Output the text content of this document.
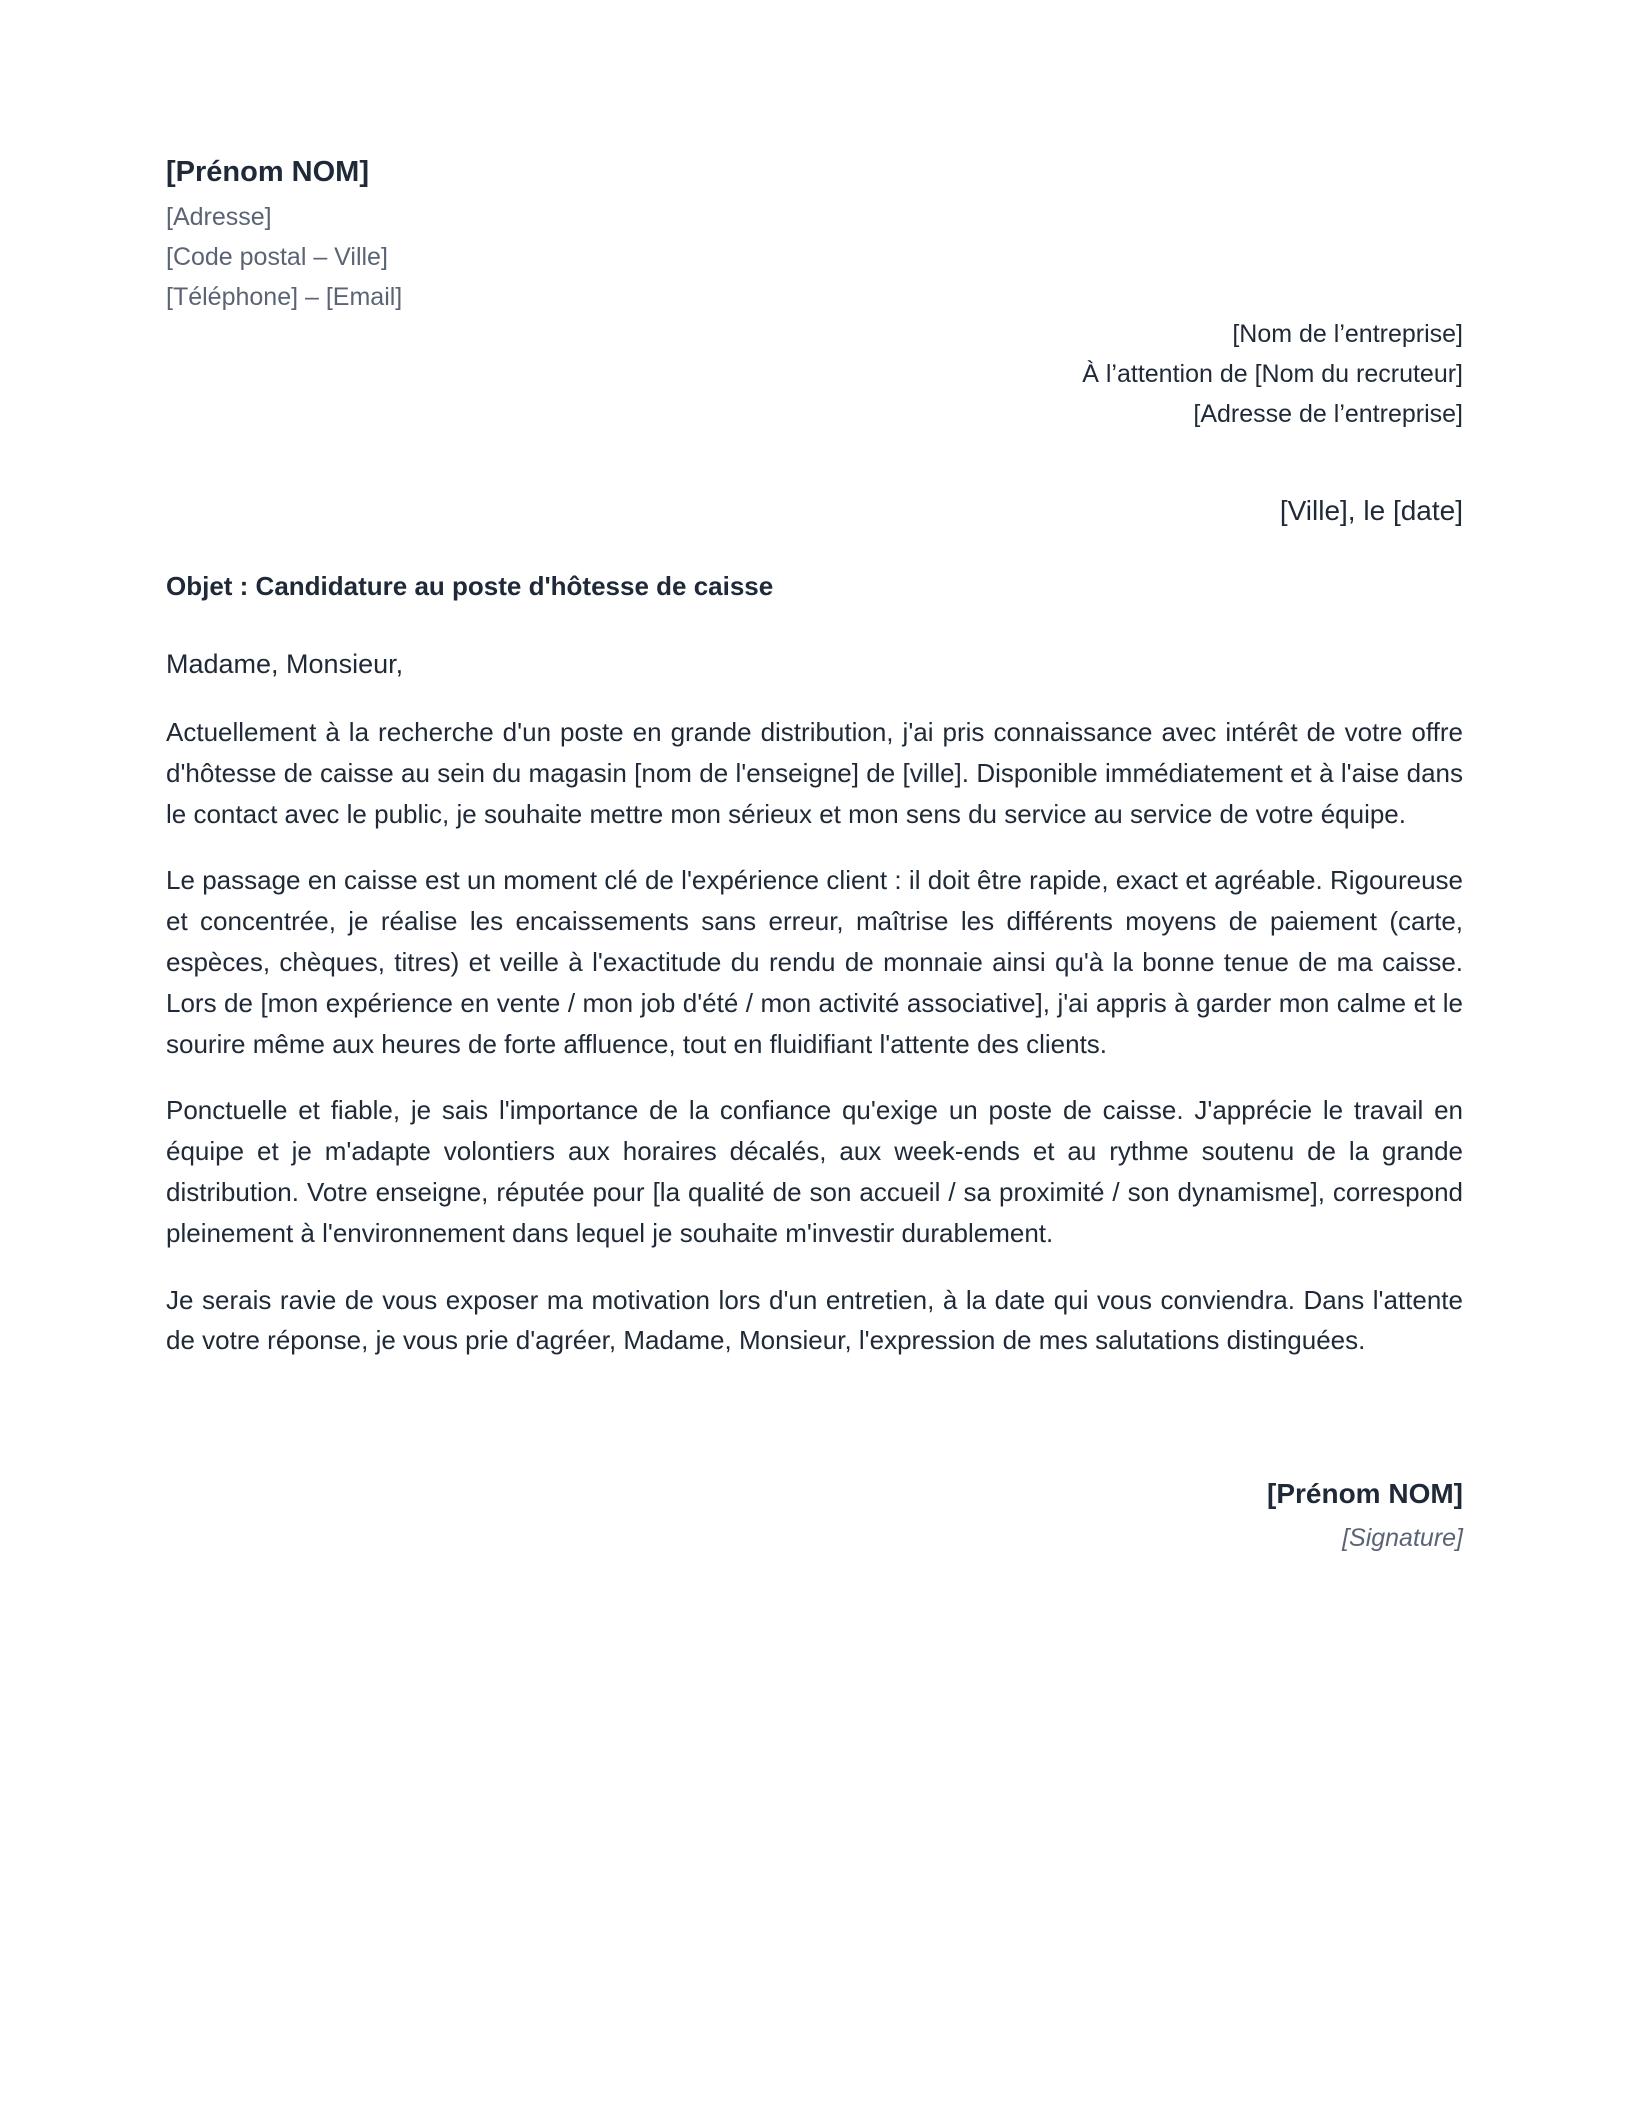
[Prénom NOM]
[Adresse]
[Code postal – Ville]
[Téléphone] – [Email]
[Nom de l’entreprise]
À l’attention de [Nom du recruteur]
[Adresse de l’entreprise]
[Ville], le [date]
Objet : Candidature au poste d'hôtesse de caisse
Madame, Monsieur,

Actuellement à la recherche d'un poste en grande distribution, j'ai pris connaissance avec intérêt de votre offre d'hôtesse de caisse au sein du magasin [nom de l'enseigne] de [ville]. Disponible immédiatement et à l'aise dans le contact avec le public, je souhaite mettre mon sérieux et mon sens du service au service de votre équipe.

Le passage en caisse est un moment clé de l'expérience client : il doit être rapide, exact et agréable. Rigoureuse et concentrée, je réalise les encaissements sans erreur, maîtrise les différents moyens de paiement (carte, espèces, chèques, titres) et veille à l'exactitude du rendu de monnaie ainsi qu'à la bonne tenue de ma caisse. Lors de [mon expérience en vente / mon job d'été / mon activité associative], j'ai appris à garder mon calme et le sourire même aux heures de forte affluence, tout en fluidifiant l'attente des clients.

Ponctuelle et fiable, je sais l'importance de la confiance qu'exige un poste de caisse. J'apprécie le travail en équipe et je m'adapte volontiers aux horaires décalés, aux week-ends et au rythme soutenu de la grande distribution. Votre enseigne, réputée pour [la qualité de son accueil / sa proximité / son dynamisme], correspond pleinement à l'environnement dans lequel je souhaite m'investir durablement.

Je serais ravie de vous exposer ma motivation lors d'un entretien, à la date qui vous conviendra. Dans l'attente de votre réponse, je vous prie d'agréer, Madame, Monsieur, l'expression de mes salutations distinguées.

[Prénom NOM]
[Signature]
